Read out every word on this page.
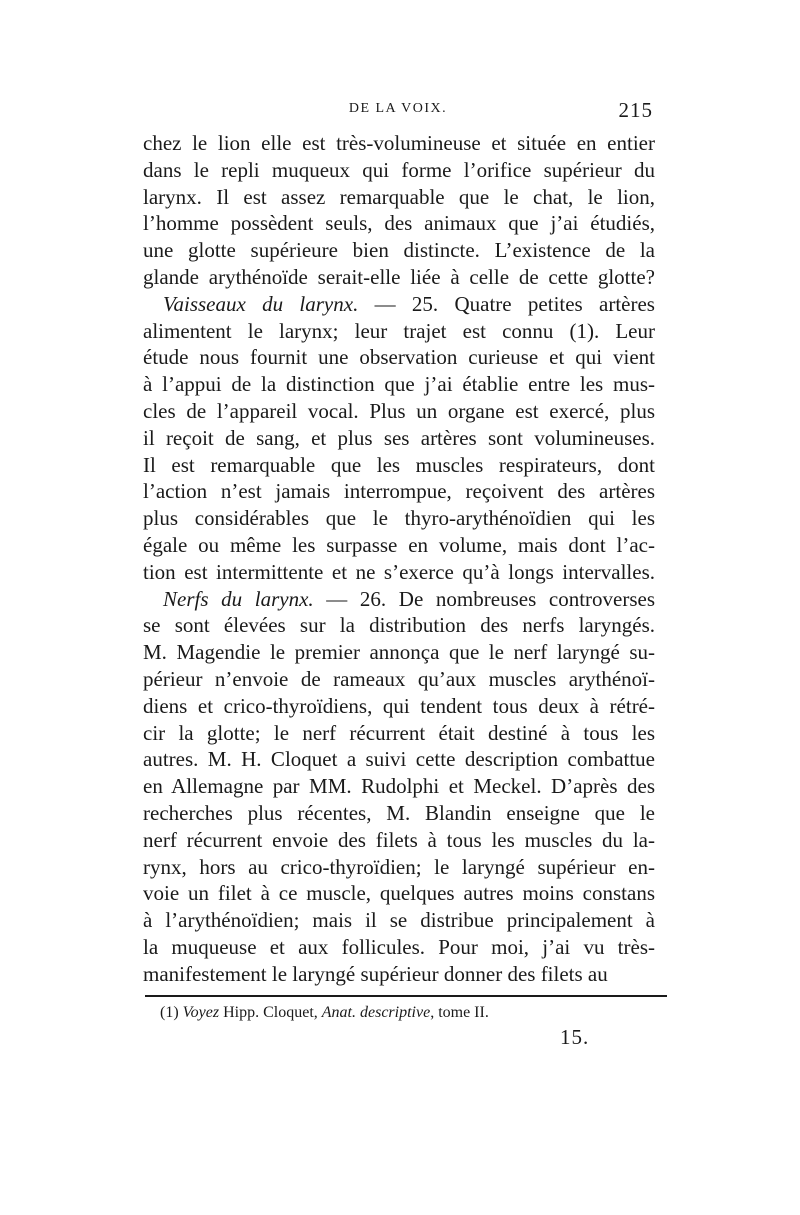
DE LA VOIX.	215
chez le lion elle est très-volumineuse et située en entier
dans le repli muqueux qui forme l’orifice supérieur du
larynx. Il est assez remarquable que le chat, le lion,
l’homme possèdent seuls, des animaux que j’ai étudiés,
une glotte supérieure bien distincte. L’existence de la
glande arythénoïde serait-elle liée à celle de cette glotte?
Vaisseaux du larynx. — 25. Quatre petites artères
alimentent le larynx; leur trajet est connu (1). Leur
étude nous fournit une observation curieuse et qui vient
à l’appui de la distinction que j’ai établie entre les mus-
cles de l’appareil vocal. Plus un organe est exercé, plus
il reçoit de sang, et plus ses artères sont volumineuses.
Il est remarquable que les muscles respirateurs, dont
l’action n’est jamais interrompue, reçoivent des artères
plus considérables que le thyro-arythénoïdien qui les
égale ou même les surpasse en volume, mais dont l’ac-
tion est intermittente et ne s’exerce qu’à longs intervalles.
Nerfs du larynx. — 26. De nombreuses controverses
se sont élevées sur la distribution des nerfs laryngés.
M. Magendie le premier annonça que le nerf laryngé su-
périeur n’envoie de rameaux qu’aux muscles arythénoï-
diens et crico-thyroïdiens, qui tendent tous deux à rétré-
cir la glotte; le nerf récurrent était destiné à tous les
autres. M. H. Cloquet a suivi cette description combattue
en Allemagne par MM. Rudolphi et Meckel. D’après des
recherches plus récentes, M. Blandin enseigne que le
nerf récurrent envoie des filets à tous les muscles du la-
rynx, hors au crico-thyroïdien; le laryngé supérieur en-
voie un filet à ce muscle, quelques autres moins constans
à l’arythénoïdien; mais il se distribue principalement à
la muqueuse et aux follicules. Pour moi, j’ai vu très-
manifestement le laryngé supérieur donner des filets au
(1) Voyez Hipp. Cloquet, Anat. descriptive, tome II.
15.
